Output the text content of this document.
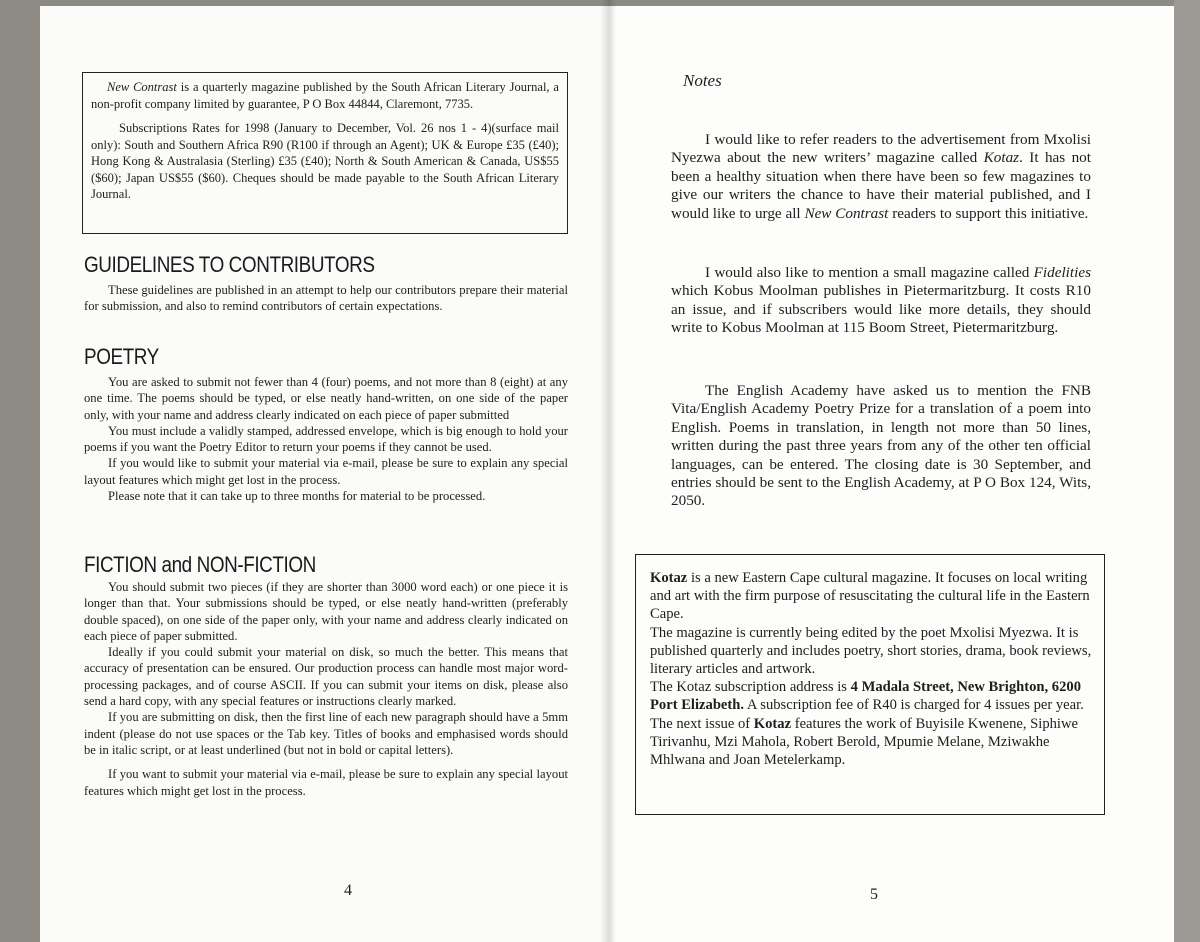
New Contrast is a quarterly magazine published by the South African Literary Journal, a non-profit company limited by guarantee, P O Box 44844, Claremont, 7735.

Subscriptions Rates for 1998 (January to December, Vol. 26 nos 1 - 4)(surface mail only): South and Southern Africa R90 (R100 if through an Agent); UK & Europe £35 (£40); Hong Kong & Australasia (Sterling) £35 (£40); North & South American & Canada, US$55 ($60); Japan US$55 ($60). Cheques should be made payable to the South African Literary Journal.

GUIDELINES TO CONTRIBUTORS

These guidelines are published in an attempt to help our contributors prepare their material for submission, and also to remind contributors of certain expectations.

POETRY

You are asked to submit not fewer than 4 (four) poems, and not more than 8 (eight) at any one time. The poems should be typed, or else neatly hand-written, on one side of the paper only, with your name and address clearly indicated on each piece of paper submitted

You must include a validly stamped, addressed envelope, which is big enough to hold your poems if you want the Poetry Editor to return your poems if they cannot be used.

If you would like to submit your material via e-mail, please be sure to explain any special layout features which might get lost in the process.

Please note that it can take up to three months for material to be processed.

FICTION and NON-FICTION

You should submit two pieces (if they are shorter than 3000 word each) or one piece it is longer than that. Your submissions should be typed, or else neatly hand-written (preferably double spaced), on one side of the paper only, with your name and address clearly indicated on each piece of paper submitted.

Ideally if you could submit your material on disk, so much the better. This means that accuracy of presentation can be ensured. Our production process can handle most major word-processing packages, and of course ASCII. If you can submit your items on disk, please also send a hard copy, with any special features or instructions clearly marked.

If you are submitting on disk, then the first line of each new paragraph should have a 5mm indent (please do not use spaces or the Tab key. Titles of books and emphasised words should be in italic script, or at least underlined (but not in bold or capital letters).

If you want to submit your material via e-mail, please be sure to explain any special layout features which might get lost in the process.

4
Notes

I would like to refer readers to the advertisement from Mxolisi Nyezwa about the new writers’ magazine called Kotaz. It has not been a healthy situation when there have been so few magazines to give our writers the chance to have their material published, and I would like to urge all New Contrast readers to support this initiative.

I would also like to mention a small magazine called Fidelities which Kobus Moolman publishes in Pietermaritzburg. It costs R10 an issue, and if subscribers would like more details, they should write to Kobus Moolman at 115 Boom Street, Pietermaritzburg.

The English Academy have asked us to mention the FNB Vita/English Academy Poetry Prize for a translation of a poem into English. Poems in translation, in length not more than 50 lines, written during the past three years from any of the other ten official languages, can be entered. The closing date is 30 September, and entries should be sent to the English Academy, at P O Box 124, Wits, 2050.

Kotaz is a new Eastern Cape cultural magazine. It focuses on local writing and art with the firm purpose of resuscitating the cultural life in the Eastern Cape.

The magazine is currently being edited by the poet Mxolisi Myezwa. It is published quarterly and includes poetry, short stories, drama, book reviews, literary articles and artwork.

The Kotaz subscription address is 4 Madala Street, New Brighton, 6200 Port Elizabeth. A subscription fee of R40 is charged for 4 issues per year.

The next issue of Kotaz features the work of Buyisile Kwenene, Siphiwe Tirivanhu, Mzi Mahola, Robert Berold, Mpumie Melane, Mziwakhe Mhlwana and Joan Metelerkamp.

5
